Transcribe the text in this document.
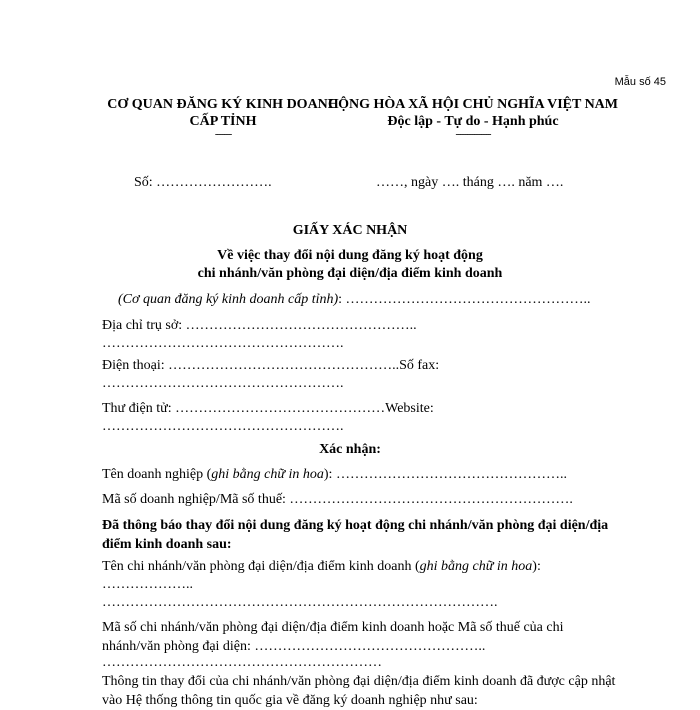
Mẫu số 45
CƠ QUAN ĐĂNG KÝ KINH DOANH
CẤP TỈNH
-------
CỘNG HÒA XÃ HỘI CHỦ NGHĨA VIỆT NAM
Độc lập - Tự do - Hạnh phúc
---------------
Số: …………………….	……, ngày …. tháng …. năm ….
GIẤY XÁC NHẬN
Về việc thay đổi nội dung đăng ký hoạt động
chi nhánh/văn phòng đại diện/địa điểm kinh doanh
(Cơ quan đăng ký kinh doanh cấp tỉnh): ……………………………………………..
Địa chỉ trụ sở: …………………………………………..
…………………………………………….
Điện thoại: …………………………………………..Số fax:
…………………………………………….
Thư điện tử: ………………………………………Website:
…………………………………………….
Xác nhận:
Tên doanh nghiệp (ghi bằng chữ in hoa): …………………………………………..
Mã số doanh nghiệp/Mã số thuế: …………………………………………………….
Đã thông báo thay đổi nội dung đăng ký hoạt động chi nhánh/văn phòng đại diện/địa điểm kinh doanh sau:
Tên chi nhánh/văn phòng đại diện/địa điểm kinh doanh (ghi bằng chữ in hoa):
………………..
………………………………………………………………………….
Mã số chi nhánh/văn phòng đại diện/địa điểm kinh doanh hoặc Mã số thuế của chi nhánh/văn phòng đại diện: …………………………………………..
……………………………………………………
Thông tin thay đổi của chi nhánh/văn phòng đại diện/địa điểm kinh doanh đã được cập nhật vào Hệ thống thông tin quốc gia về đăng ký doanh nghiệp như sau:
